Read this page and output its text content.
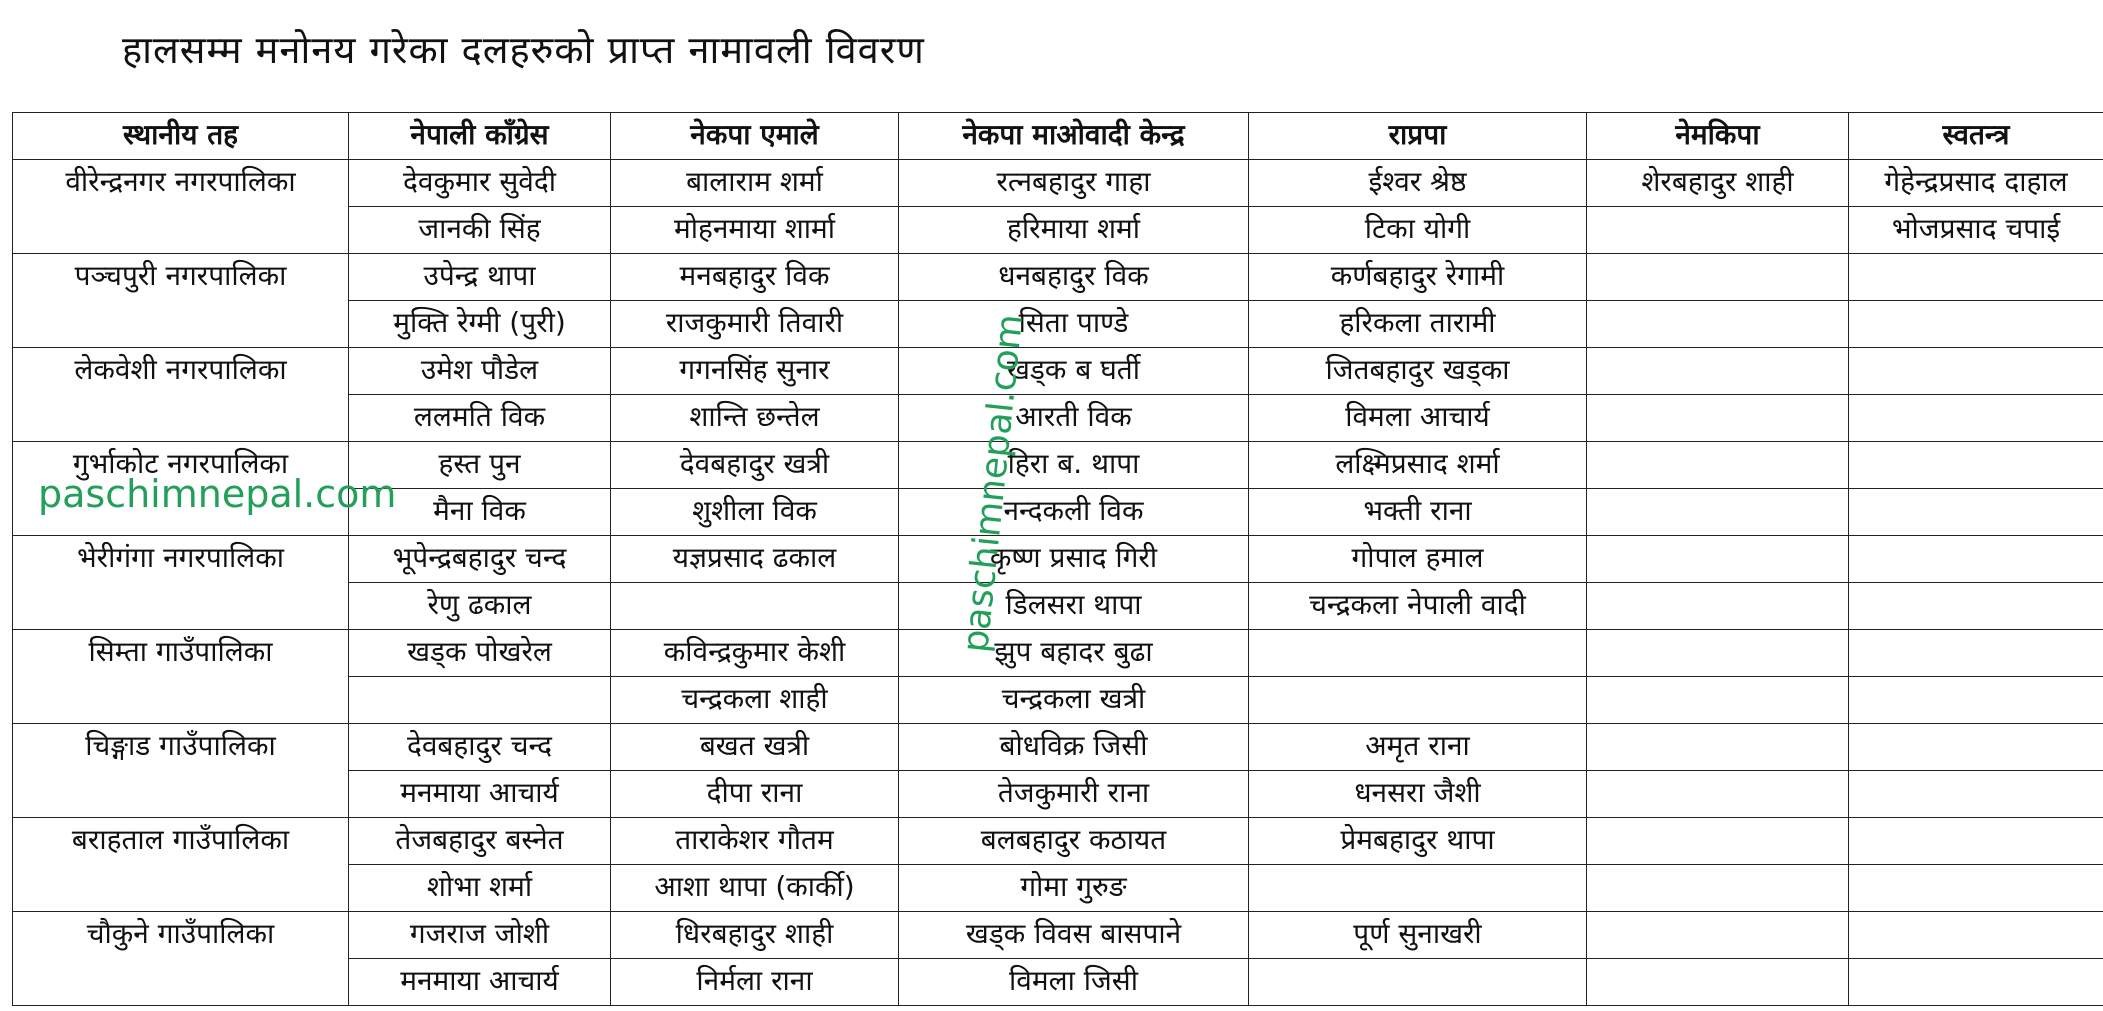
हालसम्म मनोनय गरेका दलहरुको प्राप्त नामावली विवरण
स्थानीय तह	नेपाली काँग्रेस	नेकपा एमाले	नेकपा माओवादी केन्द्र	राप्रपा	नेमकिपा	स्वतन्त्र
वीरेन्द्रनगर नगरपालिका	देवकुमार सुवेदी	बालाराम शर्मा	रत्नबहादुर गाहा	ईश्वर श्रेष्ठ	शेरबहादुर शाही	गेहेन्द्रप्रसाद दाहाल
	जानकी सिंह	मोहनमाया शार्मा	हरिमाया शर्मा	टिका योगी		भोजप्रसाद चपाई
पञ्चपुरी नगरपालिका	उपेन्द्र थापा	मनबहादुर विक	धनबहादुर विक	कर्णबहादुर रेगामी		
	मुक्ति रेग्मी (पुरी)	राजकुमारी तिवारी	सिता पाण्डे	हरिकला तारामी		
लेकवेशी नगरपालिका	उमेश पौडेल	गगनसिंह सुनार	खड्क ब घर्ती	जितबहादुर खड्का		
	ललमति विक	शान्ति छन्तेल	आरती विक	विमला आचार्य		
गुर्भाकोट नगरपालिका	हस्त पुन	देवबहादुर खत्री	हिरा ब. थापा	लक्ष्मिप्रसाद शर्मा		
	मैना विक	शुशीला विक	नन्दकली विक	भक्ती राना		
भेरीगंगा नगरपालिका	भूपेन्द्रबहादुर चन्द	यज्ञप्रसाद ढकाल	कृष्ण प्रसाद गिरी	गोपाल हमाल		
	रेणु ढकाल		डिलसरा थापा	चन्द्रकला नेपाली वादी		
सिम्ता गाउँपालिका	खड्क पोखरेल	कविन्द्रकुमार केशी	झुप बहादर बुढा			
		चन्द्रकला शाही	चन्द्रकला खत्री			
चिङ्गाड गाउँपालिका	देवबहादुर चन्द	बखत खत्री	बोधविक्र जिसी	अमृत राना		
	मनमाया आचार्य	दीपा राना	तेजकुमारी राना	धनसरा जैशी		
बराहताल गाउँपालिका	तेजबहादुर बस्नेत	ताराकेशर गौतम	बलबहादुर कठायत	प्रेमबहादुर थापा		
	शोभा शर्मा	आशा थापा (कार्की)	गोमा गुरुङ			
चौकुने गाउँपालिका	गजराज जोशी	धिरबहादुर शाही	खड्क विवस बासपाने	पूर्ण सुनाखरी		
	मनमाया आचार्य	निर्मला राना	विमला जिसी			
paschimnepal.com	paschimnepal.com
